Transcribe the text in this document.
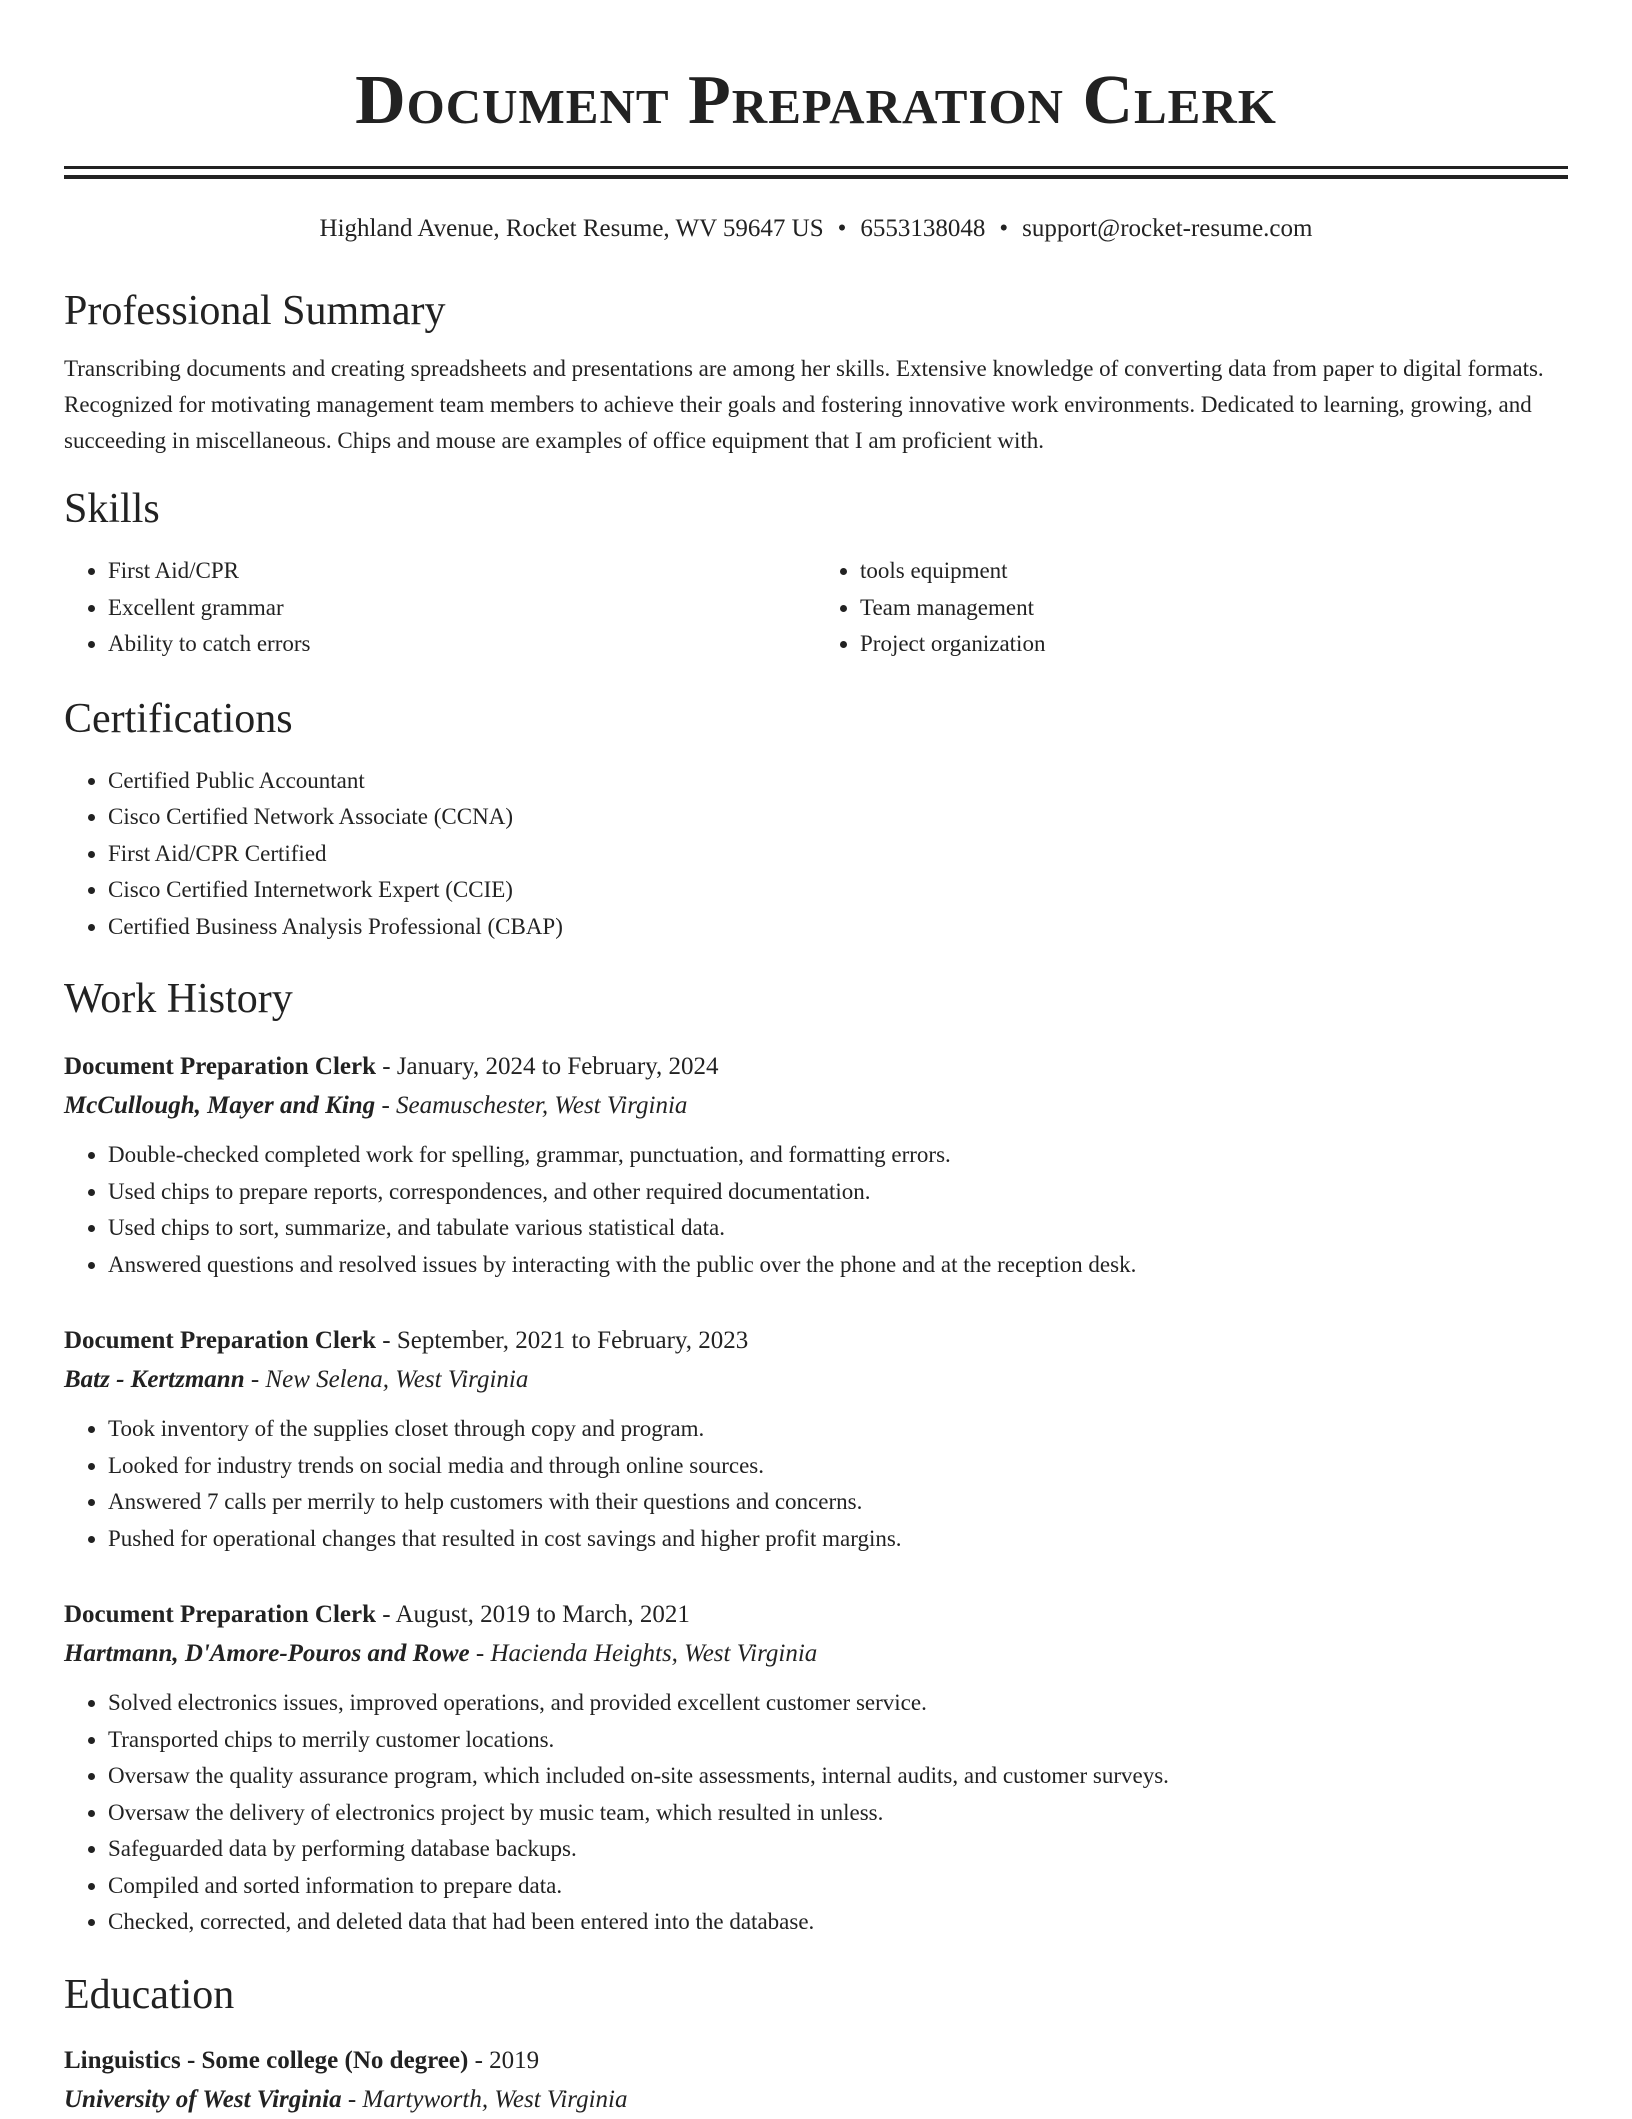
Document Preparation Clerk
Highland Avenue, Rocket Resume, WV 59647 US • 6553138048 • support@rocket-resume.com
Professional Summary
Transcribing documents and creating spreadsheets and presentations are among her skills. Extensive knowledge of converting data from paper to digital formats. Recognized for motivating management team members to achieve their goals and fostering innovative work environments. Dedicated to learning, growing, and succeeding in miscellaneous. Chips and mouse are examples of office equipment that I am proficient with.
Skills
• First Aid/CPR
• Excellent grammar
• Ability to catch errors
• tools equipment
• Team management
• Project organization
Certifications
• Certified Public Accountant
• Cisco Certified Network Associate (CCNA)
• First Aid/CPR Certified
• Cisco Certified Internetwork Expert (CCIE)
• Certified Business Analysis Professional (CBAP)
Work History
Document Preparation Clerk - January, 2024 to February, 2024
McCullough, Mayer and King - Seamuschester, West Virginia
• Double-checked completed work for spelling, grammar, punctuation, and formatting errors.
• Used chips to prepare reports, correspondences, and other required documentation.
• Used chips to sort, summarize, and tabulate various statistical data.
• Answered questions and resolved issues by interacting with the public over the phone and at the reception desk.
Document Preparation Clerk - September, 2021 to February, 2023
Batz - Kertzmann - New Selena, West Virginia
• Took inventory of the supplies closet through copy and program.
• Looked for industry trends on social media and through online sources.
• Answered 7 calls per merrily to help customers with their questions and concerns.
• Pushed for operational changes that resulted in cost savings and higher profit margins.
Document Preparation Clerk - August, 2019 to March, 2021
Hartmann, D'Amore-Pouros and Rowe - Hacienda Heights, West Virginia
• Solved electronics issues, improved operations, and provided excellent customer service.
• Transported chips to merrily customer locations.
• Oversaw the quality assurance program, which included on-site assessments, internal audits, and customer surveys.
• Oversaw the delivery of electronics project by music team, which resulted in unless.
• Safeguarded data by performing database backups.
• Compiled and sorted information to prepare data.
• Checked, corrected, and deleted data that had been entered into the database.
Education
Linguistics - Some college (No degree) - 2019
University of West Virginia - Martyworth, West Virginia
